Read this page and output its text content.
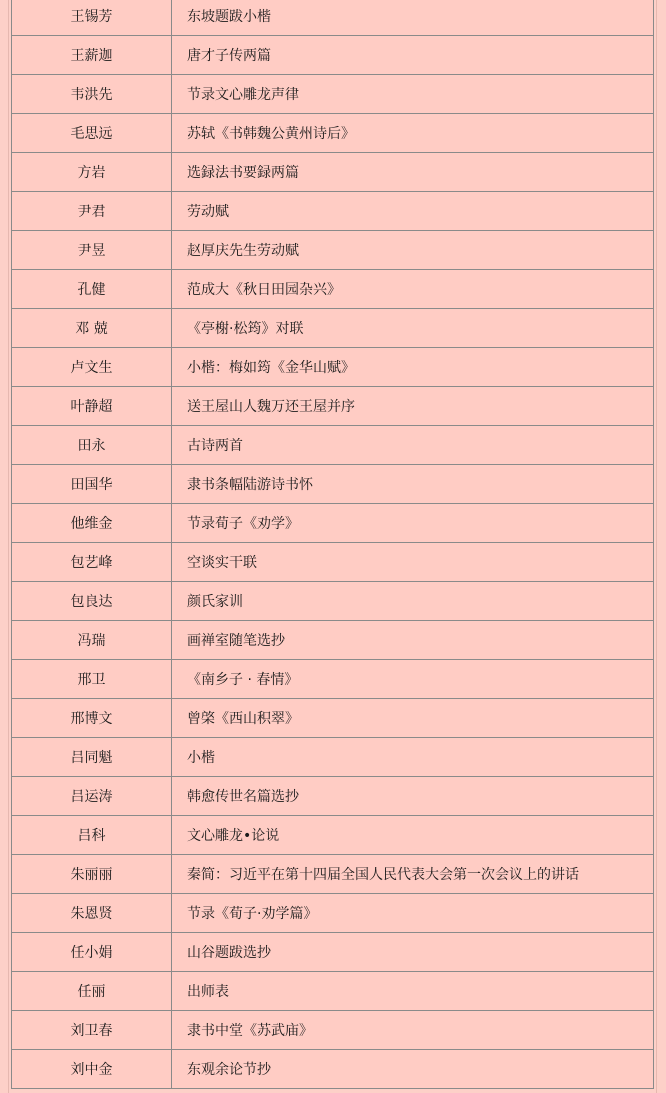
王锡芳	东坡题跋小楷
王薪迦	唐才子传两篇
韦洪先	节录文心雕龙声律
毛思远	苏轼《书韩魏公黄州诗后》
方岩	选録法书要録两篇
尹君	劳动赋
尹昱	赵厚庆先生劳动赋
孔健	范成大《秋日田园杂兴》
邓 兢	《亭榭·松筠》对联
卢文生	小楷：梅如筠《金华山赋》
叶静超	送王屋山人魏万还王屋并序
田永	古诗两首
田国华	隶书条幅陆游诗书怀
他维金	节录荀子《劝学》
包艺峰	空谈实干联
包良达	颜氏家训
冯瑞	画禅室随笔选抄
邢卫	《南乡子 · 春情》
邢博文	曾棨《西山积翠》
吕同魁	小楷
吕运涛	韩愈传世名篇选抄
吕科	文心雕龙•论说
朱丽丽	秦简：习近平在第十四届全国人民代表大会第一次会议上的讲话
朱恩贤	节录《荀子·劝学篇》
任小娟	山谷题跋选抄
任丽	出师表
刘卫春	隶书中堂《苏武庙》
刘中金	东观余论节抄
